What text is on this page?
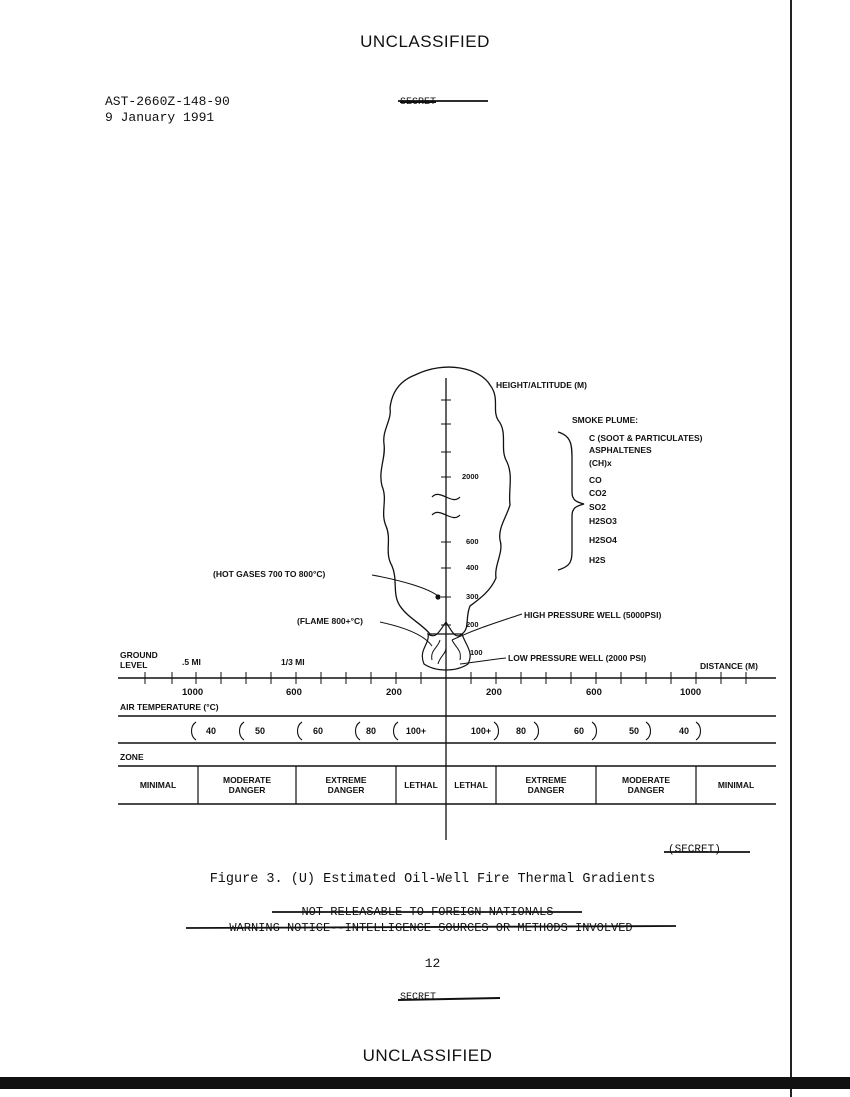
UNCLASSIFIED
AST-2660Z-148-90
9 January 1991
SECRET
HEIGHT/ALTITUDE (M)
2000
600
400
300
200
100
SMOKE PLUME:
C (SOOT & PARTICULATES)
ASPHALTENES
(CH)x
CO
CO2
SO2
H2SO3
H2SO4
H2S
(HOT GASES 700 TO 800°C)
(FLAME 800+°C)
HIGH PRESSURE WELL (5000PSI)
LOW PRESSURE WELL (2000 PSI)
GROUND LEVEL	.5 MI	1/3 MI	DISTANCE (M)
1000	600	200	200	600	1000
AIR TEMPERATURE (°C)
40	50	60	80	100+	100+	80	60	50	40
ZONE
MINIMAL	MODERATE DANGER
EXTREME DANGER	LETHAL	LETHAL	EXTREME DANGER
MODERATE DANGER	MINIMAL
(SECRET)
Figure 3. (U) Estimated Oil-Well Fire Thermal Gradients
NOT RELEASABLE TO FOREIGN NATIONALS
WARNING NOTICE--INTELLIGENCE SOURCES OR METHODS INVOLVED
12
SECRET
UNCLASSIFIED
